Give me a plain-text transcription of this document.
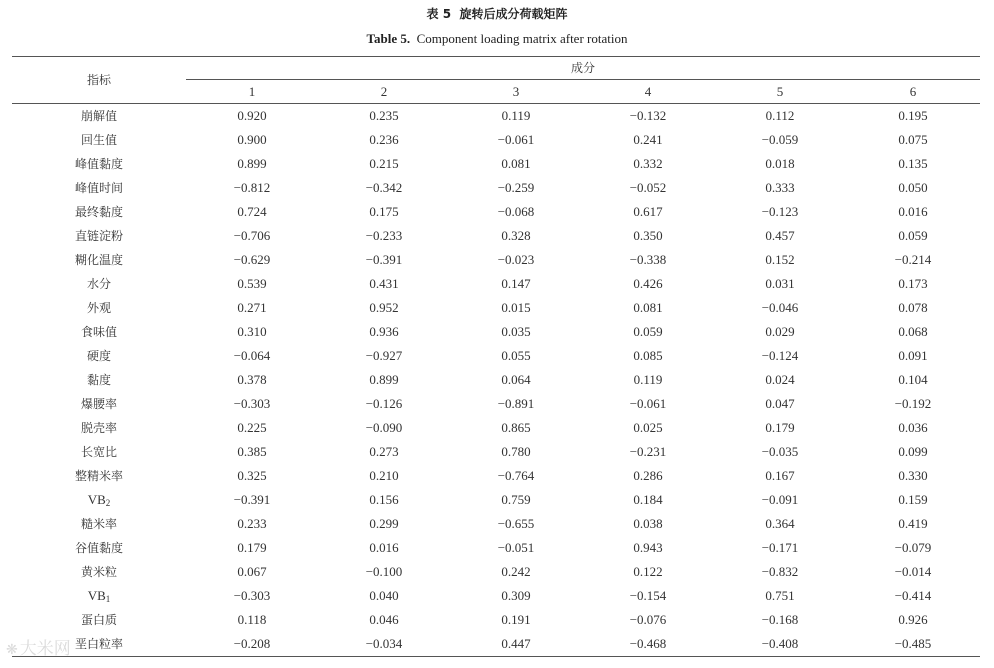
表 5 旋转后成分荷载矩阵
Table 5. Component loading matrix after rotation
指标	成分					
	1	2	3	4	5	6
崩解值	0.920	0.235	0.119	−0.132	0.112	0.195
回生值	0.900	0.236	−0.061	0.241	−0.059	0.075
峰值黏度	0.899	0.215	0.081	0.332	0.018	0.135
峰值时间	−0.812	−0.342	−0.259	−0.052	0.333	0.050
最终黏度	0.724	0.175	−0.068	0.617	−0.123	0.016
直链淀粉	−0.706	−0.233	0.328	0.350	0.457	0.059
糊化温度	−0.629	−0.391	−0.023	−0.338	0.152	−0.214
水分	0.539	0.431	0.147	0.426	0.031	0.173
外观	0.271	0.952	0.015	0.081	−0.046	0.078
食味值	0.310	0.936	0.035	0.059	0.029	0.068
硬度	−0.064	−0.927	0.055	0.085	−0.124	0.091
黏度	0.378	0.899	0.064	0.119	0.024	0.104
爆腰率	−0.303	−0.126	−0.891	−0.061	0.047	−0.192
脱壳率	0.225	−0.090	0.865	0.025	0.179	0.036
长宽比	0.385	0.273	0.780	−0.231	−0.035	0.099
整精米率	0.325	0.210	−0.764	0.286	0.167	0.330
$VB_2$	−0.391	0.156	0.759	0.184	−0.091	0.159
糙米率	0.233	0.299	−0.655	0.038	0.364	0.419
谷值黏度	0.179	0.016	−0.051	0.943	−0.171	−0.079
黄米粒	0.067	−0.100	0.242	0.122	−0.832	−0.014
$VB_1$	−0.303	0.040	0.309	−0.154	0.751	−0.414
蛋白质	0.118	0.046	0.191	−0.076	−0.168	0.926
垩白粒率	−0.208	−0.034	0.447	−0.468	−0.408	−0.485
❋ 大米网
